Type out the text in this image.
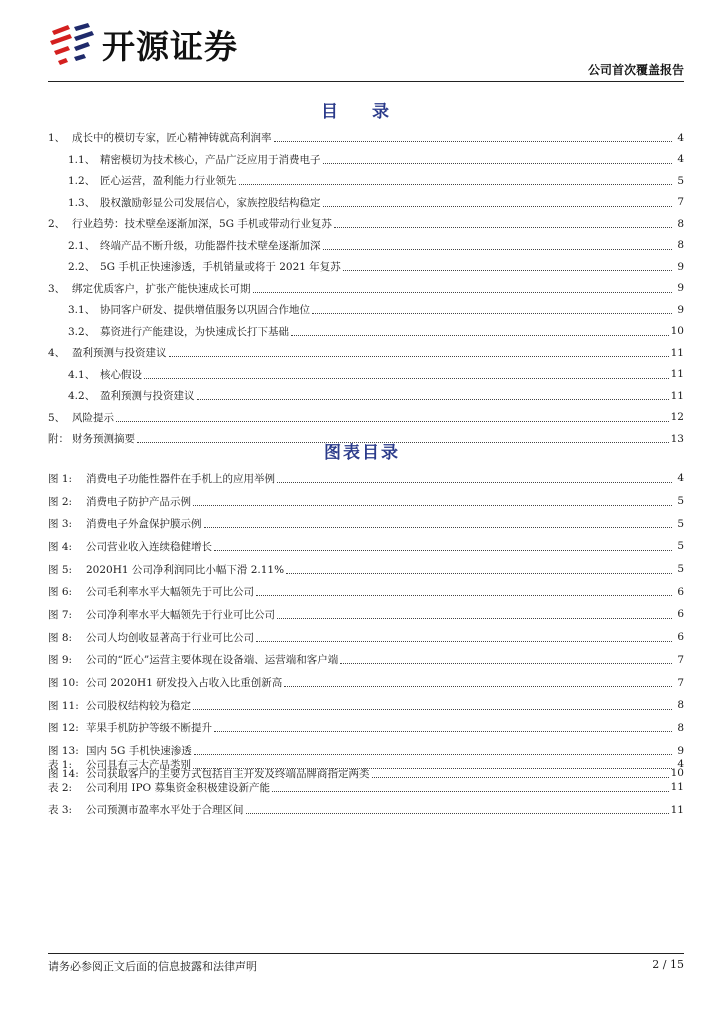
开源证券
公司首次覆盖报告
目 录
1、 成长中的模切专家，匠心精神铸就高利润率	4
1.1、 精密模切为技术核心，产品广泛应用于消费电子	4
1.2、 匠心运营，盈利能力行业领先	5
1.3、 股权激励彰显公司发展信心，家族控股结构稳定	7
2、 行业趋势：技术壁垒逐渐加深，5G 手机或带动行业复苏	8
2.1、 终端产品不断升级，功能器件技术壁垒逐渐加深	8
2.2、 5G 手机正快速渗透，手机销量或将于 2021 年复苏	9
3、 绑定优质客户，扩张产能快速成长可期	9
3.1、 协同客户研发、提供增值服务以巩固合作地位	9
3.2、 募资进行产能建设，为快速成长打下基础	10
4、 盈利预测与投资建议	11
4.1、 核心假设	11
4.2、 盈利预测与投资建议	11
5、 风险提示	12
附： 财务预测摘要	13
图表目录
图 1:	消费电子功能性器件在手机上的应用举例	4
图 2:	消费电子防护产品示例	5
图 3:	消费电子外盒保护膜示例	5
图 4:	公司营业收入连续稳健增长	5
图 5:	2020H1 公司净利润同比小幅下滑 2.11%	5
图 6:	公司毛利率水平大幅领先于可比公司	6
图 7:	公司净利率水平大幅领先于行业可比公司	6
图 8:	公司人均创收显著高于行业可比公司	6
图 9:	公司的“匠心”运营主要体现在设备端、运营端和客户端	7
图 10: 公司 2020H1 研发投入占收入比重创新高	7
图 11: 公司股权结构较为稳定	8
图 12: 苹果手机防护等级不断提升	8
图 13: 国内 5G 手机快速渗透	9
图 14: 公司获取客户的主要方式包括自主开发及终端品牌商指定两类	10
表 1:	公司具有三大产品类别	4
表 2:	公司利用 IPO 募集资金积极建设新产能	11
表 3:	公司预测市盈率水平处于合理区间	11
请务必参阅正文后面的信息披露和法律声明	2 / 15
